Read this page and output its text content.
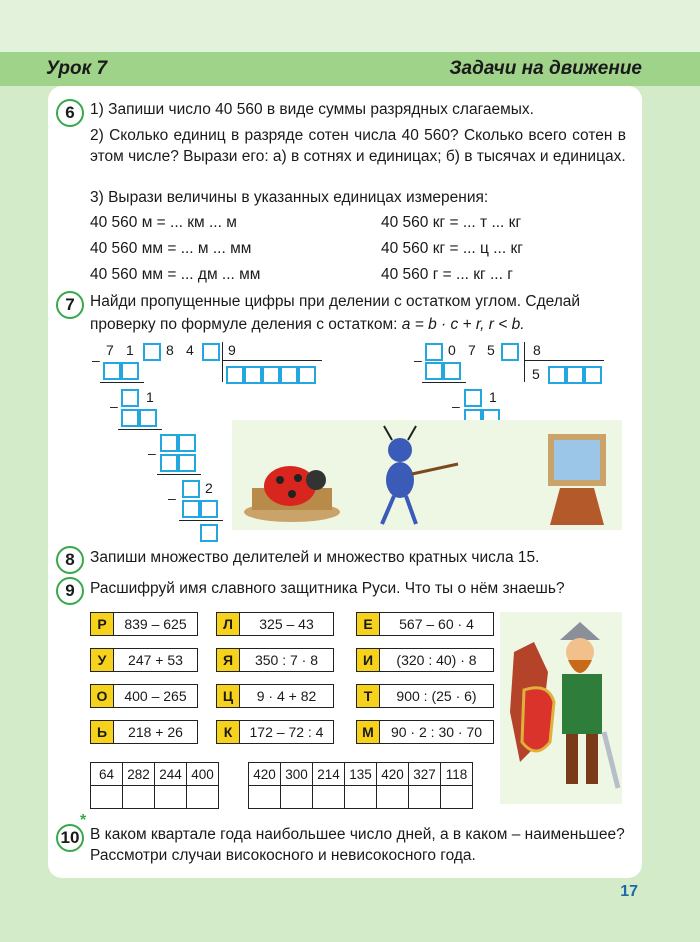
Урок 7	Задачи на движение
6 1) Запиши число 40 560 в виде суммы разрядных слагаемых.
2) Сколько единиц в разряде сотен числа 40 560? Сколько всего сотен в этом числе? Вырази его: а) в сотнях и единицах; б) в тысячах и единицах.
3) Вырази величины в указанных единицах измерения:
40 560 м = ... км ... м
40 560 мм = ... м ... мм
40 560 мм = ... дм ... мм
40 560 кг = ... т ... кг
40 560 кг = ... ц ... кг
40 560 г = ... кг ... г
7 Найди пропущенные цифры при делении с остатком углом. Сделай
проверку по формуле деления с остатком: a = b · c + r, r < b.
–
7 1 8 4 9
–
1
–
–
2
–
0 7 5	8
5
–
1
8 Запиши множество делителей и множество кратных числа 15.
9 Расшифруй имя славного защитника Руси. Что ты о нём знаешь?
Р	839 – 625	Л	325 – 43	Е	567 – 60 · 4
У	247 + 53	Я	350 : 7 · 8	И	(320 : 40) · 8
О	400 – 265	Ц	9 · 4 + 82	Т	900 : (25 · 6)
Ь	218 + 26	К	172 – 72 : 4	М	90 · 2 : 30 · 70
64	282	244	400
				420	300	214	135	420	327	118

10
*
В каком квартале года наибольшее число дней, а в каком – наименьшее?
Рассмотри случаи високосного и невисокосного года.
17
